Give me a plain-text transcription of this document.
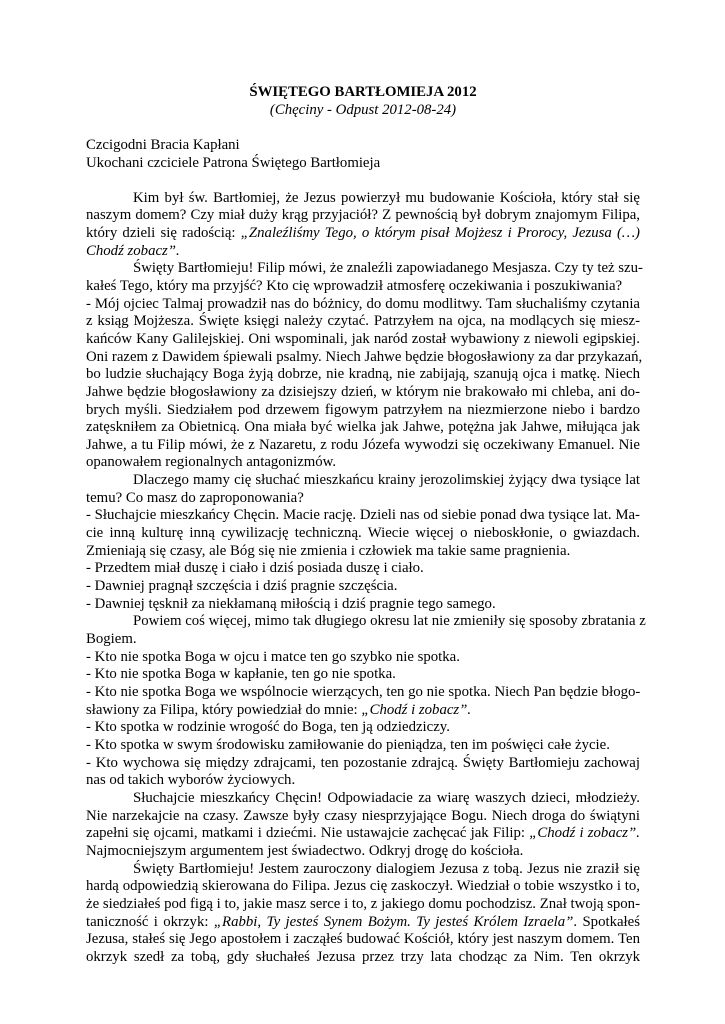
ŚWIĘTEGO BARTŁOMIEJA 2012

(Chęciny - Odpust 2012-08-24)

Czcigodni Bracia Kapłani

Ukochani czciciele Patrona Świętego Bartłomieja

Kim był św. Bartłomiej, że Jezus powierzył mu budowanie Kościoła, który stał się
naszym domem? Czy miał duży krąg przyjaciół? Z pewnością był dobrym znajomym Filipa,
który dzieli się radością: „Znaleźliśmy Tego, o którym pisał Mojżesz i Prorocy, Jezusa (…)
Chodź zobacz”.
Święty Bartłomieju! Filip mówi, że znaleźli zapowiadanego Mesjasza. Czy ty też szu-
kałeś Tego, który ma przyjść? Kto cię wprowadził atmosferę oczekiwania i poszukiwania?
- Mój ojciec Talmaj prowadził nas do bóżnicy, do domu modlitwy. Tam słuchaliśmy czytania
z ksiąg Mojżesza. Święte księgi należy czytać. Patrzyłem na ojca, na modlących się miesz-
kańców Kany Galilejskiej. Oni wspominali, jak naród został wybawiony z niewoli egipskiej.
Oni razem z Dawidem śpiewali psalmy. Niech Jahwe będzie błogosławiony za dar przykazań,
bo ludzie słuchający Boga żyją dobrze, nie kradną, nie zabijają, szanują ojca i matkę. Niech
Jahwe będzie błogosławiony za dzisiejszy dzień, w którym nie brakowało mi chleba, ani do-
brych myśli. Siedziałem pod drzewem figowym patrzyłem na niezmierzone niebo i bardzo
zatęskniłem za Obietnicą. Ona miała być wielka jak Jahwe, potężna jak Jahwe, miłująca jak
Jahwe, a tu Filip mówi, że z Nazaretu, z rodu Józefa wywodzi się oczekiwany Emanuel. Nie
opanowałem regionalnych antagonizmów.
Dlaczego mamy cię słuchać mieszkańcu krainy jerozolimskiej żyjący dwa tysiące lat
temu? Co masz do zaproponowania?
- Słuchajcie mieszkańcy Chęcin. Macie rację. Dzieli nas od siebie ponad dwa tysiące lat. Ma-
cie inną kulturę inną cywilizację techniczną. Wiecie więcej o nieboskłonie, o gwiazdach.
Zmieniają się czasy, ale Bóg się nie zmienia i człowiek ma takie same pragnienia.
- Przedtem miał duszę i ciało i dziś posiada duszę i ciało.
- Dawniej pragnął szczęścia i dziś pragnie szczęścia.
- Dawniej tęsknił za niekłamaną miłością i dziś pragnie tego samego.
Powiem coś więcej, mimo tak długiego okresu lat nie zmieniły się sposoby zbratania z
Bogiem.
- Kto nie spotka Boga w ojcu i matce ten go szybko nie spotka.
- Kto nie spotka Boga w kapłanie, ten go nie spotka.
- Kto nie spotka Boga we wspólnocie wierzących, ten go nie spotka. Niech Pan będzie błogo-
sławiony za Filipa, który powiedział do mnie: „Chodź i zobacz”.
- Kto spotka w rodzinie wrogość do Boga, ten ją odziedziczy.
- Kto spotka w swym środowisku zamiłowanie do pieniądza, ten im poświęci całe życie.
- Kto wychowa się między zdrajcami, ten pozostanie zdrajcą. Święty Bartłomieju zachowaj
nas od takich wyborów życiowych.
Słuchajcie mieszkańcy Chęcin! Odpowiadacie za wiarę waszych dzieci, młodzieży.
Nie narzekajcie na czasy. Zawsze były czasy niesprzyjające Bogu. Niech droga do świątyni
zapełni się ojcami, matkami i dziećmi. Nie ustawajcie zachęcać jak Filip: „Chodź i zobacz”.
Najmocniejszym argumentem jest świadectwo. Odkryj drogę do kościoła.
Święty Bartłomieju! Jestem zauroczony dialogiem Jezusa z tobą. Jezus nie zraził się
hardą odpowiedzią skierowana do Filipa. Jezus cię zaskoczył. Wiedział o tobie wszystko i to,
że siedziałeś pod figą i to, jakie masz serce i to, z jakiego domu pochodzisz. Znał twoją spon-
taniczność i okrzyk: „Rabbi, Ty jesteś Synem Bożym. Ty jesteś Królem Izraela”. Spotkałeś
Jezusa, stałeś się Jego apostołem i zacząłeś budować Kościół, który jest naszym domem. Ten
okrzyk szedł za tobą, gdy słuchałeś Jezusa przez trzy lata chodząc za Nim. Ten okrzyk
